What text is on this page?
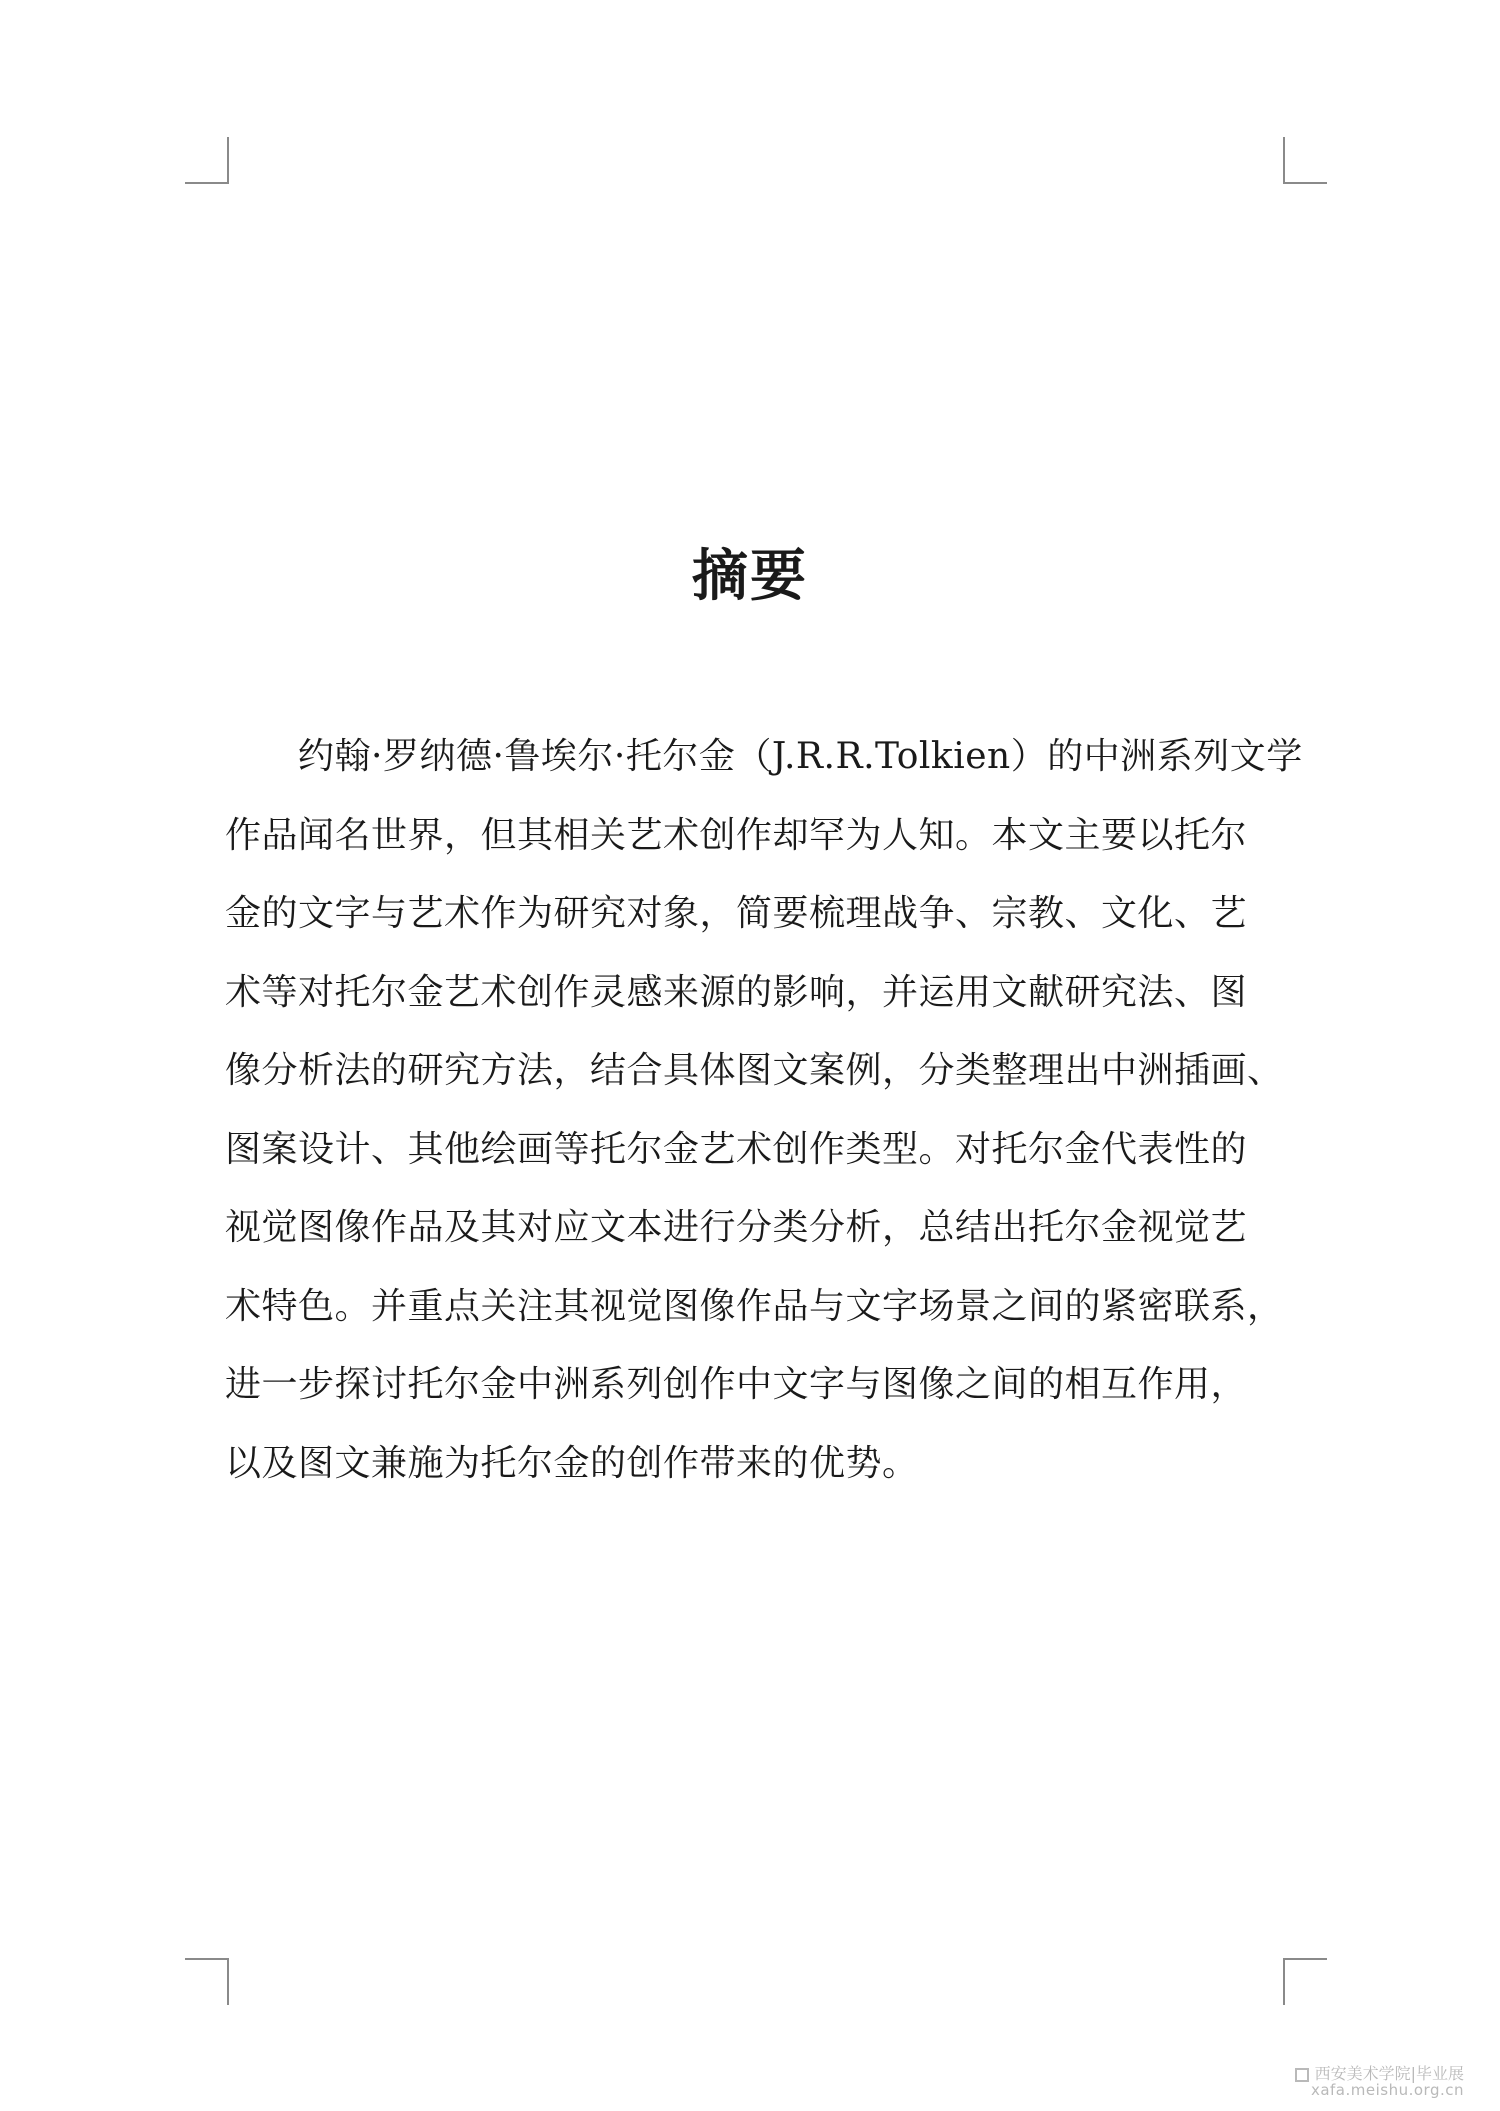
摘要
约翰·罗纳德·鲁埃尔·托尔金（J.R.R.Tolkien）的中洲系列文学
作品闻名世界，但其相关艺术创作却罕为人知。本文主要以托尔
金的文字与艺术作为研究对象，简要梳理战争、宗教、文化、艺
术等对托尔金艺术创作灵感来源的影响，并运用文献研究法、图
像分析法的研究方法，结合具体图文案例，分类整理出中洲插画、
图案设计、其他绘画等托尔金艺术创作类型。对托尔金代表性的
视觉图像作品及其对应文本进行分类分析，总结出托尔金视觉艺
术特色。并重点关注其视觉图像作品与文字场景之间的紧密联系，
进一步探讨托尔金中洲系列创作中文字与图像之间的相互作用，
以及图文兼施为托尔金的创作带来的优势。
西安美术学院|毕业展
xafa.meishu.org.cn
